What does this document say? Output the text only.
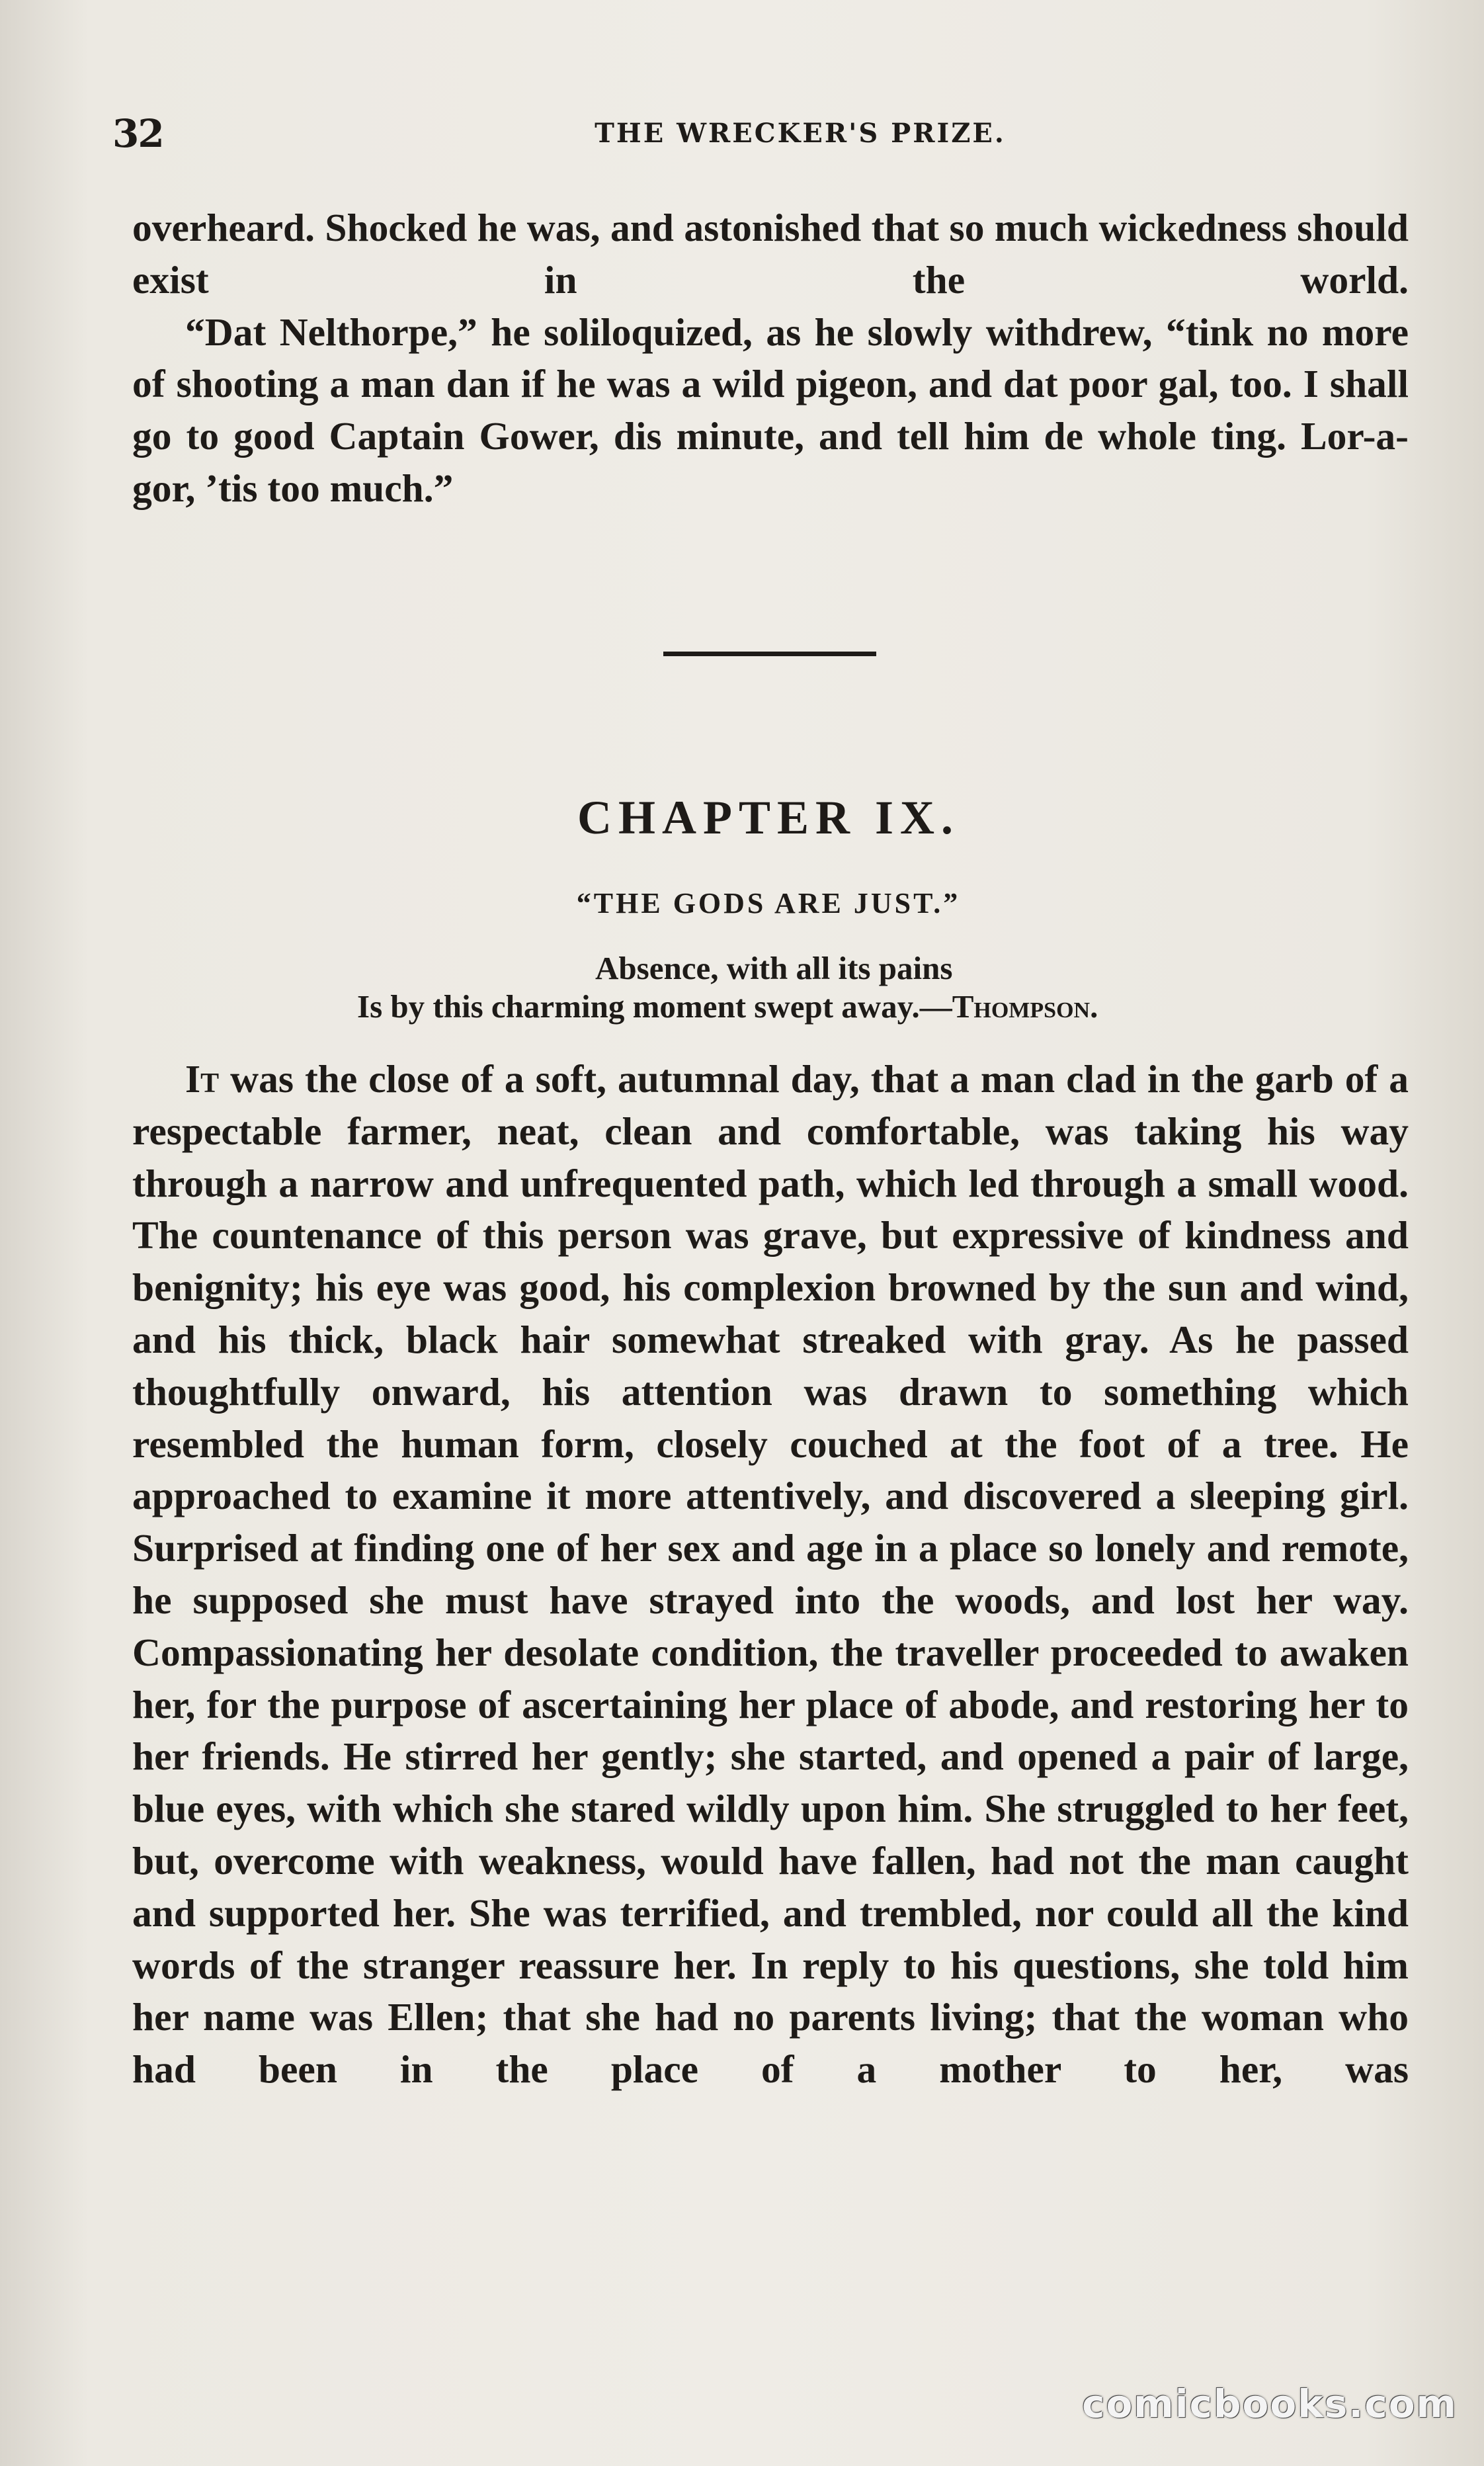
32	THE WRECKER'S PRIZE.

overheard. Shocked he was, and astonished that so much wickedness should exist in the world.

“Dat Nelthorpe,” he soliloquized, as he slowly withdrew, “tink no more of shooting a man dan if he was a wild pigeon, and dat poor gal, too. I shall go to good Captain Gower, dis minute, and tell him de whole ting. Lor-a-gor, ’tis too much.”

CHAPTER IX.
“THE GODS ARE JUST.”
Absence, with all its pains
Is by this charming moment swept away.—Thompson.

It was the close of a soft, autumnal day, that a man clad in the garb of a respectable farmer, neat, clean and comfortable, was taking his way through a narrow and unfrequented path, which led through a small wood. The countenance of this person was grave, but expressive of kindness and benignity; his eye was good, his complexion browned by the sun and wind, and his thick, black hair somewhat streaked with gray. As he passed thoughtfully onward, his attention was drawn to something which resembled the human form, closely couched at the foot of a tree. He approached to examine it more attentively, and discovered a sleeping girl. Surprised at finding one of her sex and age in a place so lonely and remote, he supposed she must have strayed into the woods, and lost her way. Compassionating her desolate condition, the traveller proceeded to awaken her, for the purpose of ascertaining her place of abode, and restoring her to her friends. He stirred her gently; she started, and opened a pair of large, blue eyes, with which she stared wildly upon him. She struggled to her feet, but, overcome with weakness, would have fallen, had not the man caught and supported her. She was terrified, and trembled, nor could all the kind words of the stranger reassure her. In reply to his questions, she told him her name was Ellen; that she had no parents living; that the woman who had been in the place of a mother to her, was

comicbooks.com
